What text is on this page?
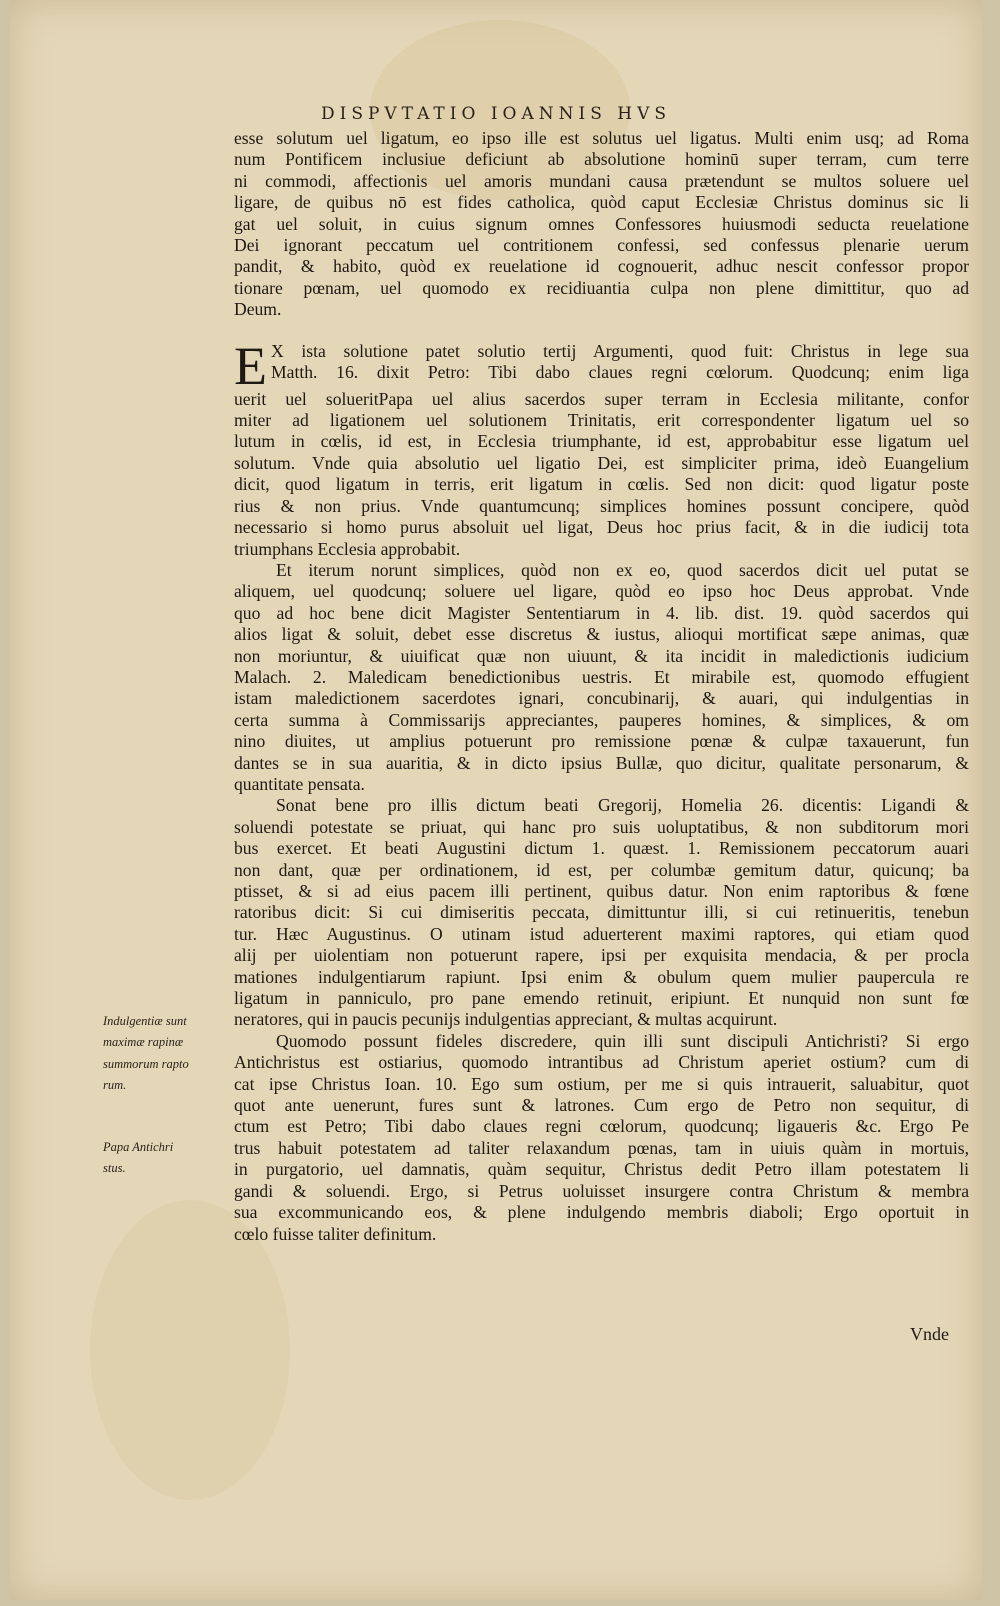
DISPVTATIO IOANNIS HVS
esse solutum uel ligatum, eo ipso ille est solutus uel ligatus. Multi enim usq; ad Roma
num Pontificem inclusiue deficiunt ab absolutione hominū super terram, cum terre
ni commodi, affectionis uel amoris mundani causa prætendunt se multos soluere uel
ligare, de quibus nō est fides catholica, quòd caput Ecclesiæ Christus dominus sic li
gat uel soluit, in cuius signum omnes Confessores huiusmodi seducta reuelatione
Dei ignorant peccatum uel contritionem confessi, sed confessus plenarie uerum
pandit, & habito, quòd ex reuelatione id cognouerit, adhuc nescit confessor propor
tionare pœnam, uel quomodo ex recidiuantia culpa non plene dimittitur, quo ad
Deum.
E X ista solutione patet solutio tertij Argumenti, quod fuit: Christus in lege sua
Matth. 16. dixit Petro: Tibi dabo claues regni cœlorum. Quodcunq; enim liga
uerit uel solueritPapa uel alius sacerdos super terram in Ecclesia militante, confor
miter ad ligationem uel solutionem Trinitatis, erit correspondenter ligatum uel so
lutum in cœlis, id est, in Ecclesia triumphante, id est, approbabitur esse ligatum uel
solutum. Vnde quia absolutio uel ligatio Dei, est simpliciter prima, ideò Euangelium
dicit, quod ligatum in terris, erit ligatum in cœlis. Sed non dicit: quod ligatur poste
rius & non prius. Vnde quantumcunq; simplices homines possunt concipere, quòd
necessario si homo purus absoluit uel ligat, Deus hoc prius facit, & in die iudicij tota
triumphans Ecclesia approbabit.
Et iterum norunt simplices, quòd non ex eo, quod sacerdos dicit uel putat se
aliquem, uel quodcunq; soluere uel ligare, quòd eo ipso hoc Deus approbat. Vnde
quo ad hoc bene dicit Magister Sententiarum in 4. lib. dist. 19. quòd sacerdos qui
alios ligat & soluit, debet esse discretus & iustus, alioqui mortificat sæpe animas, quæ
non moriuntur, & uiuificat quæ non uiuunt, & ita incidit in maledictionis iudicium
Malach. 2. Maledicam benedictionibus uestris. Et mirabile est, quomodo effugient
istam maledictionem sacerdotes ignari, concubinarij, & auari, qui indulgentias in
certa summa à Commissarijs appreciantes, pauperes homines, & simplices, & om
nino diuites, ut amplius potuerunt pro remissione pœnæ & culpæ taxauerunt, fun
dantes se in sua auaritia, & in dicto ipsius Bullæ, quo dicitur, qualitate personarum, &
quantitate pensata.
Sonat bene pro illis dictum beati Gregorij, Homelia 26. dicentis: Ligandi &
soluendi potestate se priuat, qui hanc pro suis uoluptatibus, & non subditorum mori
bus exercet. Et beati Augustini dictum 1. quæst. 1. Remissionem peccatorum auari
non dant, quæ per ordinationem, id est, per columbæ gemitum datur, quicunq; ba
ptisset, & si ad eius pacem illi pertinent, quibus datur. Non enim raptoribus & fœne
ratoribus dicit: Si cui dimiseritis peccata, dimittuntur illi, si cui retinueritis, tenebun
tur. Hæc Augustinus. O utinam istud aduerterent maximi raptores, qui etiam quod
alij per uiolentiam non potuerunt rapere, ipsi per exquisita mendacia, & per procla
mationes indulgentiarum rapiunt. Ipsi enim & obulum quem mulier paupercula re
ligatum in panniculo, pro pane emendo retinuit, eripiunt. Et nunquid non sunt fœ
neratores, qui in paucis pecunijs indulgentias appreciant, & multas acquirunt.
Quomodo possunt fideles discredere, quin illi sunt discipuli Antichristi? Si ergo
Antichristus est ostiarius, quomodo intrantibus ad Christum aperiet ostium? cum di
cat ipse Christus Ioan. 10. Ego sum ostium, per me si quis intrauerit, saluabitur, quot
quot ante uenerunt, fures sunt & latrones. Cum ergo de Petro non sequitur, di
ctum est Petro; Tibi dabo claues regni cœlorum, quodcunq; ligaueris &c. Ergo Pe
trus habuit potestatem ad taliter relaxandum pœnas, tam in uiuis quàm in mortuis,
in purgatorio, uel damnatis, quàm sequitur, Christus dedit Petro illam potestatem li
gandi & soluendi. Ergo, si Petrus uoluisset insurgere contra Christum & membra
sua excommunicando eos, & plene indulgendo membris diaboli; Ergo oportuit in
cœlo fuisse taliter definitum.
Indulgentiæ sunt
maximæ rapinæ
summorum rapto
rum.
Papa Antichri
stus.
Vnde
